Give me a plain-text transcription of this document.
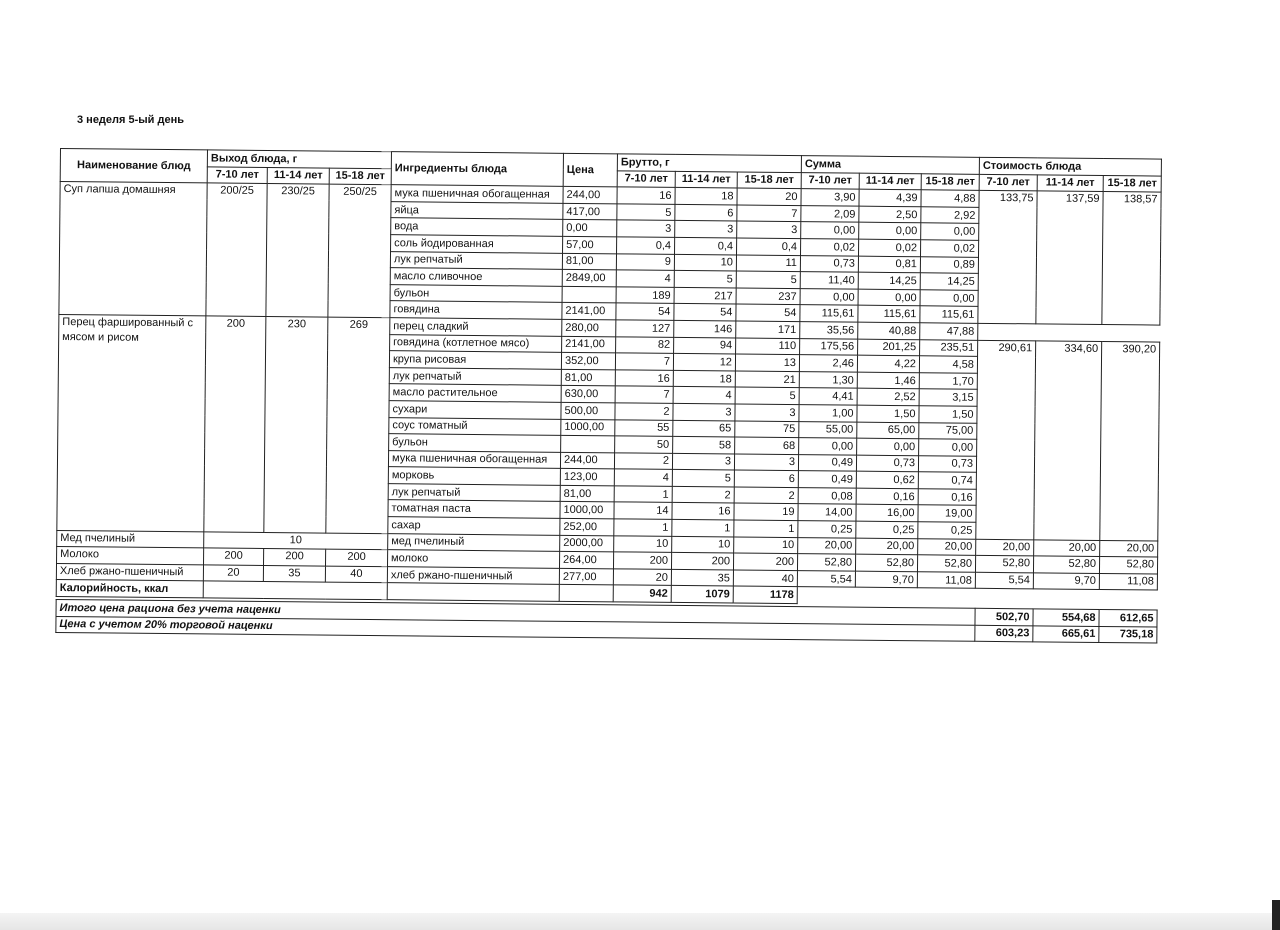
3 неделя 5-ый день
Наименование блюд	Выход блюда, г			Ингредиенты блюда	Цена	Брутто, г			Сумма			Стоимость блюда		
	7-10 лет	11-14 лет	15-18 лет			7-10 лет	11-14 лет	15-18 лет	7-10 лет	11-14 лет	15-18 лет	7-10 лет	11-14 лет	15-18 лет
Суп лапша домашняя	200/25	230/25	250/25	мука пшеничная обогащенная	244,00	16	18	20	3,90	4,39	4,88	133,75	137,59	138,57
				яйца	417,00	5	6	7	2,09	2,50	2,92			
				вода	0,00	3	3	3	0,00	0,00	0,00			
				соль йодированная	57,00	0,4	0,4	0,4	0,02	0,02	0,02			
				лук репчатый	81,00	9	10	11	0,73	0,81	0,89			
				масло сливочное	2849,00	4	5	5	11,40	14,25	14,25			
				бульон		189	217	237	0,00	0,00	0,00			
				говядина	2141,00	54	54	54	115,61	115,61	115,61			
Перец фаршированный с мясом и рисом	200	230	269	перец сладкий	280,00	127	146	171	35,56	40,88	47,88			
				говядина (котлетное мясо)	2141,00	82	94	110	175,56	201,25	235,51	290,61	334,60	390,20
				крупа рисовая	352,00	7	12	13	2,46	4,22	4,58			
				лук репчатый	81,00	16	18	21	1,30	1,46	1,70			
				масло растительное	630,00	7	4	5	4,41	2,52	3,15			
				сухари	500,00	2	3	3	1,00	1,50	1,50			
				соус томатный	1000,00	55	65	75	55,00	65,00	75,00			
				бульон		50	58	68	0,00	0,00	0,00			
				мука пшеничная обогащенная	244,00	2	3	3	0,49	0,73	0,73			
				морковь	123,00	4	5	6	0,49	0,62	0,74			
				лук репчатый	81,00	1	2	2	0,08	0,16	0,16			
				томатная паста	1000,00	14	16	19	14,00	16,00	19,00			
				сахар	252,00	1	1	1	0,25	0,25	0,25			
Мед пчелиный	10			мед пчелиный	2000,00	10	10	10	20,00	20,00	20,00	20,00	20,00	20,00
Молоко	200	200	200	молоко	264,00	200	200	200	52,80	52,80	52,80	52,80	52,80	52,80
Хлеб ржано-пшеничный	20	35	40	хлеб ржано-пшеничный	277,00	20	35	40	5,54	9,70	11,08	5,54	9,70	11,08
Калорийность, ккал						942	1079	1178						
Итого цена рациона без учета наценки	502,70	554,68	612,65
Цена с учетом 20% торговой наценки	603,23	665,61	735,18
